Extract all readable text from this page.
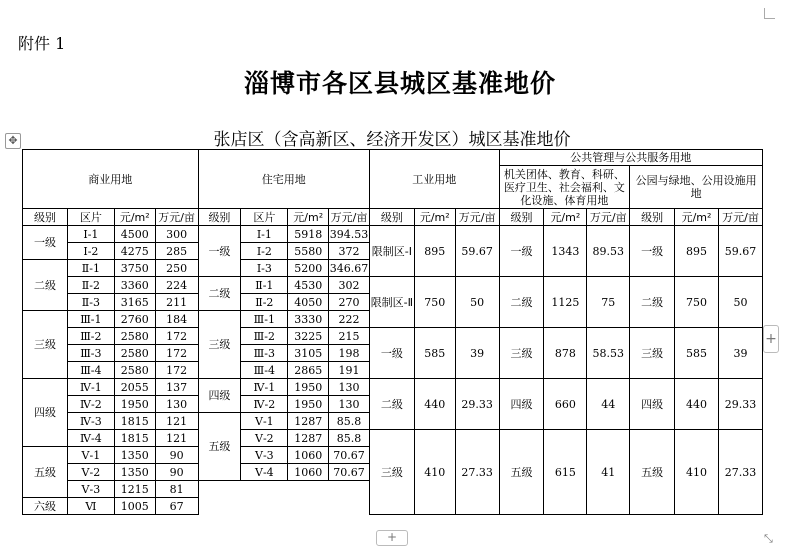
附件 1
淄博市各区县城区基准地价
✥	张店区（含高新区、经济开发区）城区基准地价
商业用地				住宅用地				工业用地			公共管理与公共服务用地					
											机关团体、教育、科研、医疗卫生、社会福利、文化设施、体育用地			公园与绿地、公用设施用地		
级别	区片	元/m²	万元/亩	级别	区片	元/m²	万元/亩	级别	元/m²	万元/亩	级别	元/m²	万元/亩	级别	元/m²	万元/亩
一级	Ⅰ-1	4500	300	一级	Ⅰ-1	5918	394.53	限制区-Ⅰ	895	59.67	一级	1343	89.53	一级	895	59.67
	Ⅰ-2	4275	285		Ⅰ-2	5580	372									
二级	Ⅱ-1	3750	250		Ⅰ-3	5200	346.67									
	Ⅱ-2	3360	224	二级	Ⅱ-1	4530	302	限制区-Ⅱ	750	50	二级	1125	75	二级	750	50
	Ⅱ-3	3165	211		Ⅱ-2	4050	270									
三级	Ⅲ-1	2760	184	三级	Ⅲ-1	3330	222									
	Ⅲ-2	2580	172		Ⅲ-2	3225	215	一级	585	39	三级	878	58.53	三级	585	39
	Ⅲ-3	2580	172		Ⅲ-3	3105	198									
	Ⅲ-4	2580	172		Ⅲ-4	2865	191									
四级	Ⅳ-1	2055	137	四级	Ⅳ-1	1950	130	二级	440	29.33	四级	660	44	四级	440	29.33
	Ⅳ-2	1950	130		Ⅳ-2	1950	130									
	Ⅳ-3	1815	121	五级	Ⅴ-1	1287	85.8									
	Ⅳ-4	1815	121		Ⅴ-2	1287	85.8	三级	410	27.33	五级	615	41	五级	410	27.33
五级	Ⅴ-1	1350	90		Ⅴ-3	1060	70.67									
	Ⅴ-2	1350	90		Ⅴ-4	1060	70.67									
	Ⅴ-3	1215	81													
六级	Ⅵ	1005	67													
+
+	⤡
